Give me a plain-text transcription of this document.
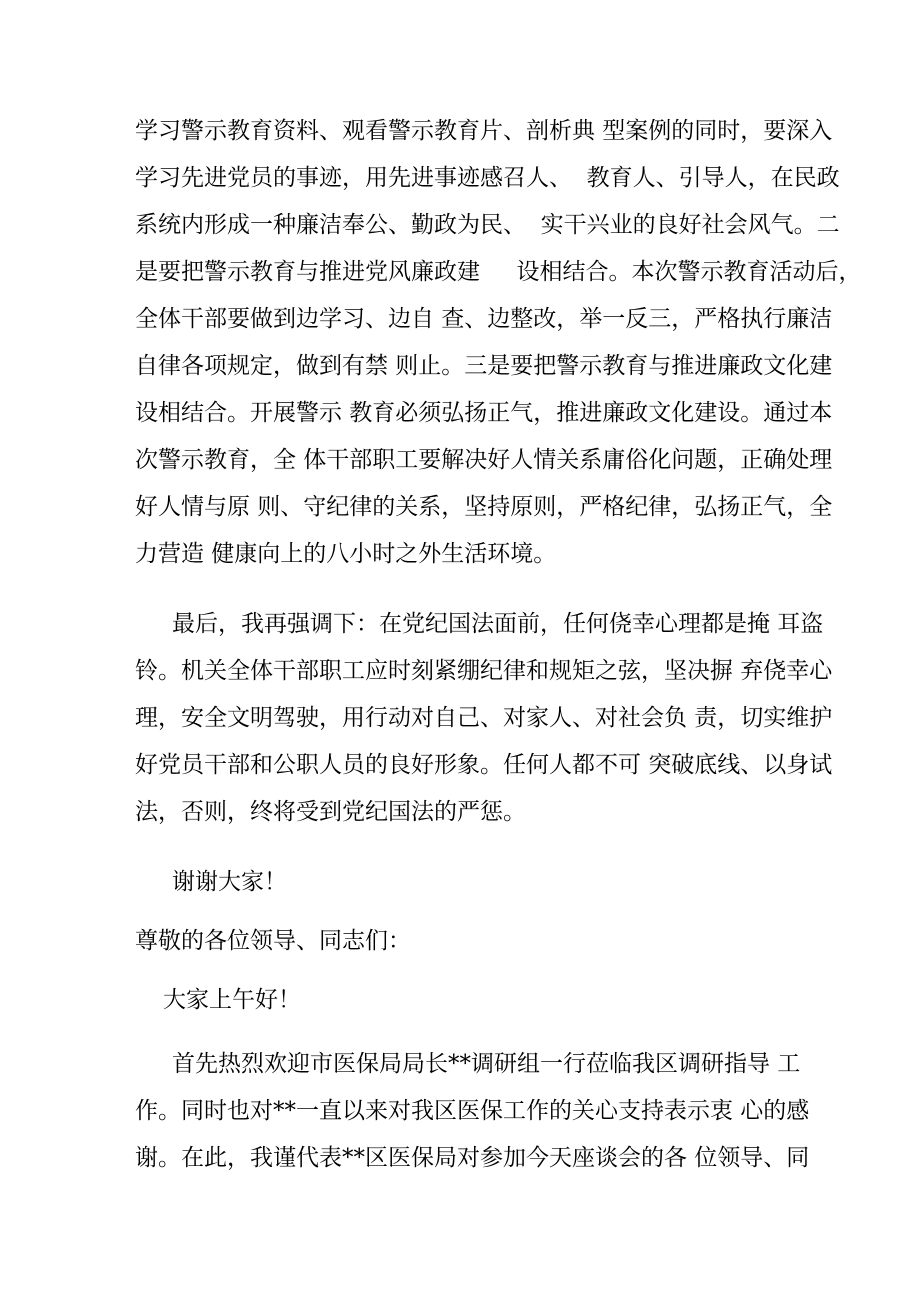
学习警示教育资料、观看警示教育片、剖析典 型案例的同时，要深入

学习先进党员的事迹，用先进事迹感召人、  教育人、引导人，在民政

系统内形成一种廉洁奉公、勤政为民、  实干兴业的良好社会风气。二

是要把警示教育与推进党风廉政建     设相结合。本次警示教育活动后，

全体干部要做到边学习、边自 查、边整改，举一反三，严格执行廉洁

自律各项规定，做到有禁 则止。三是要把警示教育与推进廉政文化建

设相结合。开展警示 教育必须弘扬正气，推进廉政文化建设。通过本

次警示教育，全 体干部职工要解决好人情关系庸俗化问题，正确处理

好人情与原 则、守纪律的关系，坚持原则，严格纪律，弘扬正气，全

力营造 健康向上的八小时之外生活环境。

最后，我再强调下：在党纪国法面前，任何侥幸心理都是掩 耳盗

铃。机关全体干部职工应时刻紧绷纪律和规矩之弦，坚决摒 弃侥幸心

理，安全文明驾驶，用行动对自己、对家人、对社会负 责，切实维护

好党员干部和公职人员的良好形象。任何人都不可 突破底线、以身试

法，否则，终将受到党纪国法的严惩。

谢谢大家！

尊敬的各位领导、同志们：

大家上午好！

首先热烈欢迎市医保局局长**调研组一行莅临我区调研指导 工

作。同时也对**一直以来对我区医保工作的关心支持表示衷 心的感

谢。在此，我谨代表**区医保局对参加今天座谈会的各 位领导、同
